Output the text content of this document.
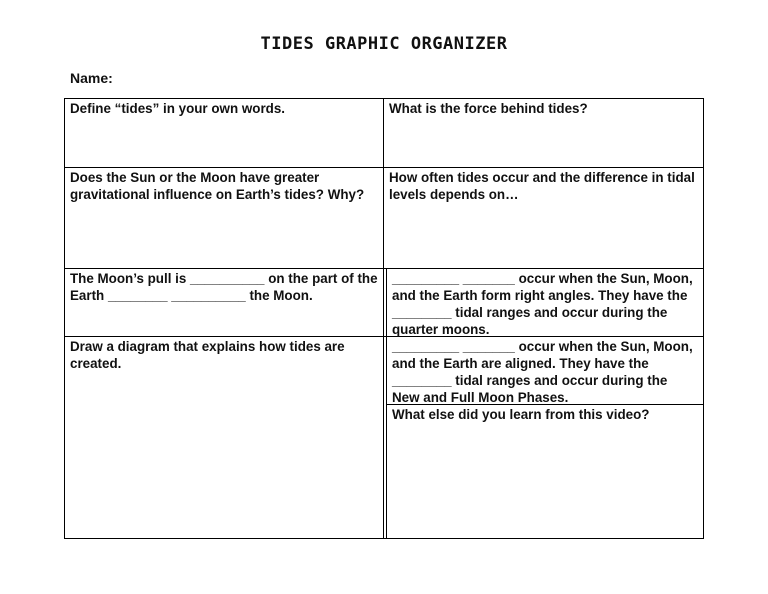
TIDES GRAPHIC ORGANIZER
Name:
Define “tides” in your own words.	What is the force behind tides?
Does the Sun or the Moon have greater gravitational influence on Earth’s tides? Why?
How often tides occur and the difference in tidal levels depends on…
The Moon’s pull is __________ on the part of the Earth ________ __________ the Moon.
_________ _______ occur when the Sun, Moon, and the Earth form right angles. They have the ________ tidal ranges and occur during the quarter moons.
Draw a diagram that explains how tides are created.
_________ _______ occur when the Sun, Moon, and the Earth are aligned. They have the ________ tidal ranges and occur during the New and Full Moon Phases.
What else did you learn from this video?
